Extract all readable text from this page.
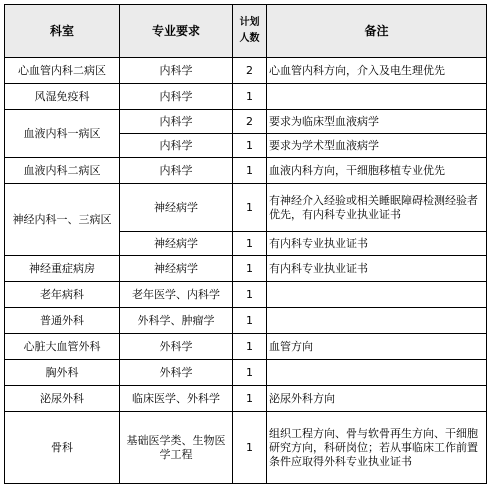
科室	专业要求	计划人数	备注
心血管内科二病区	内科学	2	心血管内科方向，介入及电生理优先
风湿免疫科	内科学	1	
血液内科一病区	内科学	2	要求为临床型血液病学
	内科学	1	要求为学术型血液病学
血液内科二病区	内科学	1	血液内科方向，干细胞移植专业优先
神经内科一、三病区	神经病学	1	有神经介入经验或相关睡眠障碍检测经验者优先，有内科专业执业证书
	神经病学	1	有内科专业执业证书
神经重症病房	神经病学	1	有内科专业执业证书
老年病科	老年医学、内科学	1	
普通外科	外科学、肿瘤学	1	
心脏大血管外科	外科学	1	血管方向
胸外科	外科学	1	
泌尿外科	临床医学、外科学	1	泌尿外科方向
骨科	基础医学类、生物医学工程	1	组织工程方向、骨与软骨再生方向、干细胞研究方向，科研岗位；若从事临床工作前置条件应取得外科专业执业证书
